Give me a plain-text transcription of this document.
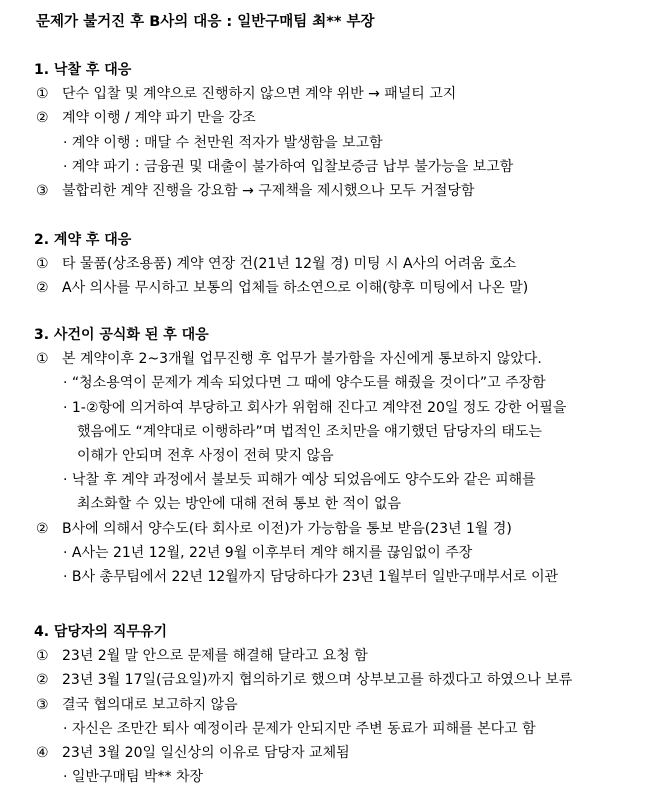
문제가 불거진 후 B사의 대응 : 일반구매팀 최** 부장
1. 낙찰 후 대응
① 단수 입찰 및 계약으로 진행하지 않으면 계약 위반 → 패널티 고지
② 계약 이행 / 계약 파기 만을 강조
· 계약 이행 : 매달 수 천만원 적자가 발생함을 보고함
· 계약 파기 : 금융권 및 대출이 불가하여 입찰보증금 납부 불가능을 보고함
③ 불합리한 계약 진행을 강요함 → 구제책을 제시했으나 모두 거절당함
2. 계약 후 대응
① 타 물품(상조용품) 계약 연장 건(21년 12월 경) 미팅 시 A사의 어려움 호소
② A사 의사를 무시하고 보통의 업체들 하소연으로 이해(향후 미팅에서 나온 말)
3. 사건이 공식화 된 후 대응
① 본 계약이후 2~3개월 업무진행 후 업무가 불가함을 자신에게 통보하지 않았다.
· “청소용역이 문제가 계속 되었다면 그 때에 양수도를 해줬을 것이다”고 주장함
· 1-②항에 의거하여 부당하고 회사가 위험해 진다고 계약전 20일 정도 강한 어필을
했음에도 “계약대로 이행하라”며 법적인 조치만을 얘기했던 담당자의 태도는
이해가 안되며 전후 사정이 전혀 맞지 않음
· 낙찰 후 계약 과정에서 불보듯 피해가 예상 되었음에도 양수도와 같은 피해를
최소화할 수 있는 방안에 대해 전혀 통보 한 적이 없음
② B사에 의해서 양수도(타 회사로 이전)가 가능함을 통보 받음(23년 1월 경)
· A사는 21년 12월, 22년 9월 이후부터 계약 해지를 끊임없이 주장
· B사 총무팀에서 22년 12월까지 담당하다가 23년 1월부터 일반구매부서로 이관
4. 담당자의 직무유기
① 23년 2월 말 안으로 문제를 해결해 달라고 요청 함
② 23년 3월 17일(금요일)까지 협의하기로 했으며 상부보고를 하겠다고 하였으나 보류
③ 결국 협의대로 보고하지 않음
· 자신은 조만간 퇴사 예정이라 문제가 안되지만 주변 동료가 피해를 본다고 함
④ 23년 3월 20일 일신상의 이유로 담당자 교체됨
· 일반구매팀 박** 차장
